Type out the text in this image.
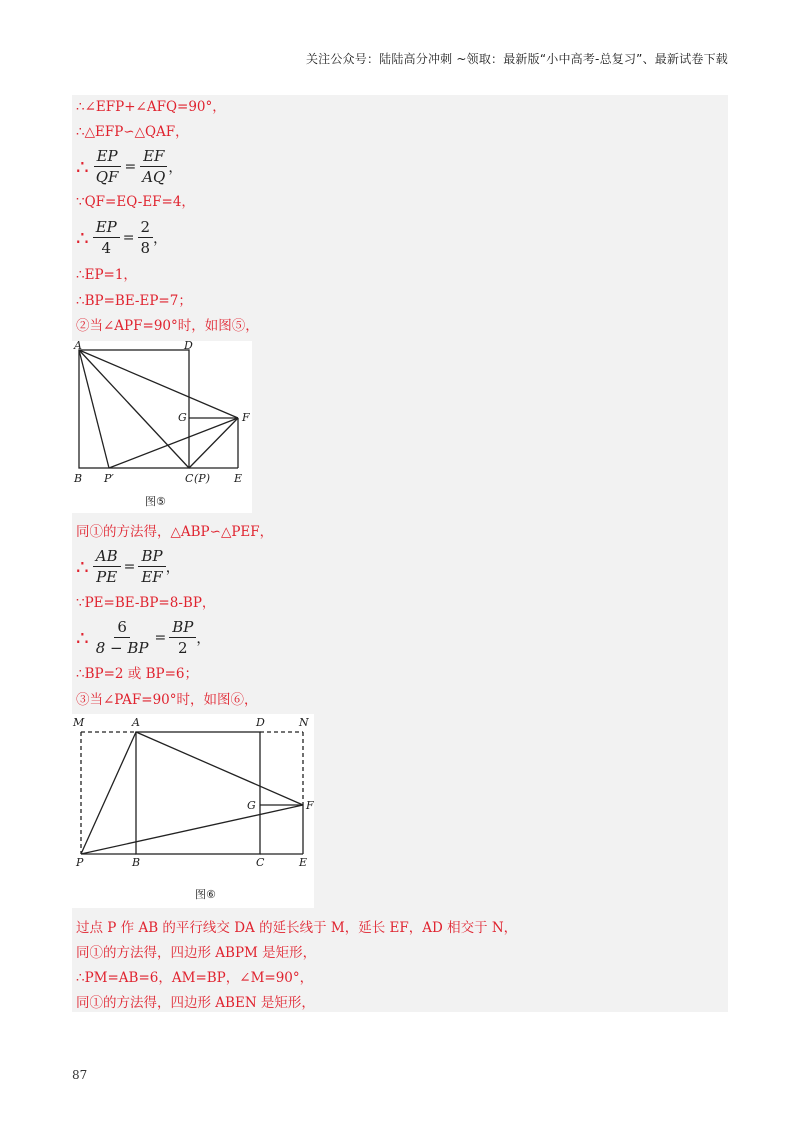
关注公众号：陆陆高分冲刺 ~领取：最新版“小中高考-总复习”、最新试卷下载
∴∠EFP+∠AFQ=90°，
∴△EFP∽△QAF，
∴ $\frac{EP}{QF} = \frac{EF}{AQ}$ ，
∵QF=EQ-EF=4，
∴ $\frac{EP}{4} = \frac{2}{8}$ ，
∴EP=1，
∴BP=BE-EP=7；
②当∠APF=90°时，如图⑤，
A	D
G	F
B P′	C (P) E
图⑤
同①的方法得，△ABP∽△PEF，
∴ $\frac{AB}{PE} = \frac{BP}{EF}$ ，
∵PE=BE-BP=8-BP，
∴ $\frac{6}{8 - BP} = \frac{BP}{2}$ ，
∴BP=2 或 BP=6；
③当∠PAF=90°时，如图⑥，
M	A	D	N
G	F
P	B	C	E
图⑥
过点 P 作 AB 的平行线交 DA 的延长线于 M，延长 EF，AD 相交于 N，
同①的方法得，四边形 ABPM 是矩形，
∴PM=AB=6，AM=BP，∠M=90°，
同①的方法得，四边形 ABEN 是矩形，
87
